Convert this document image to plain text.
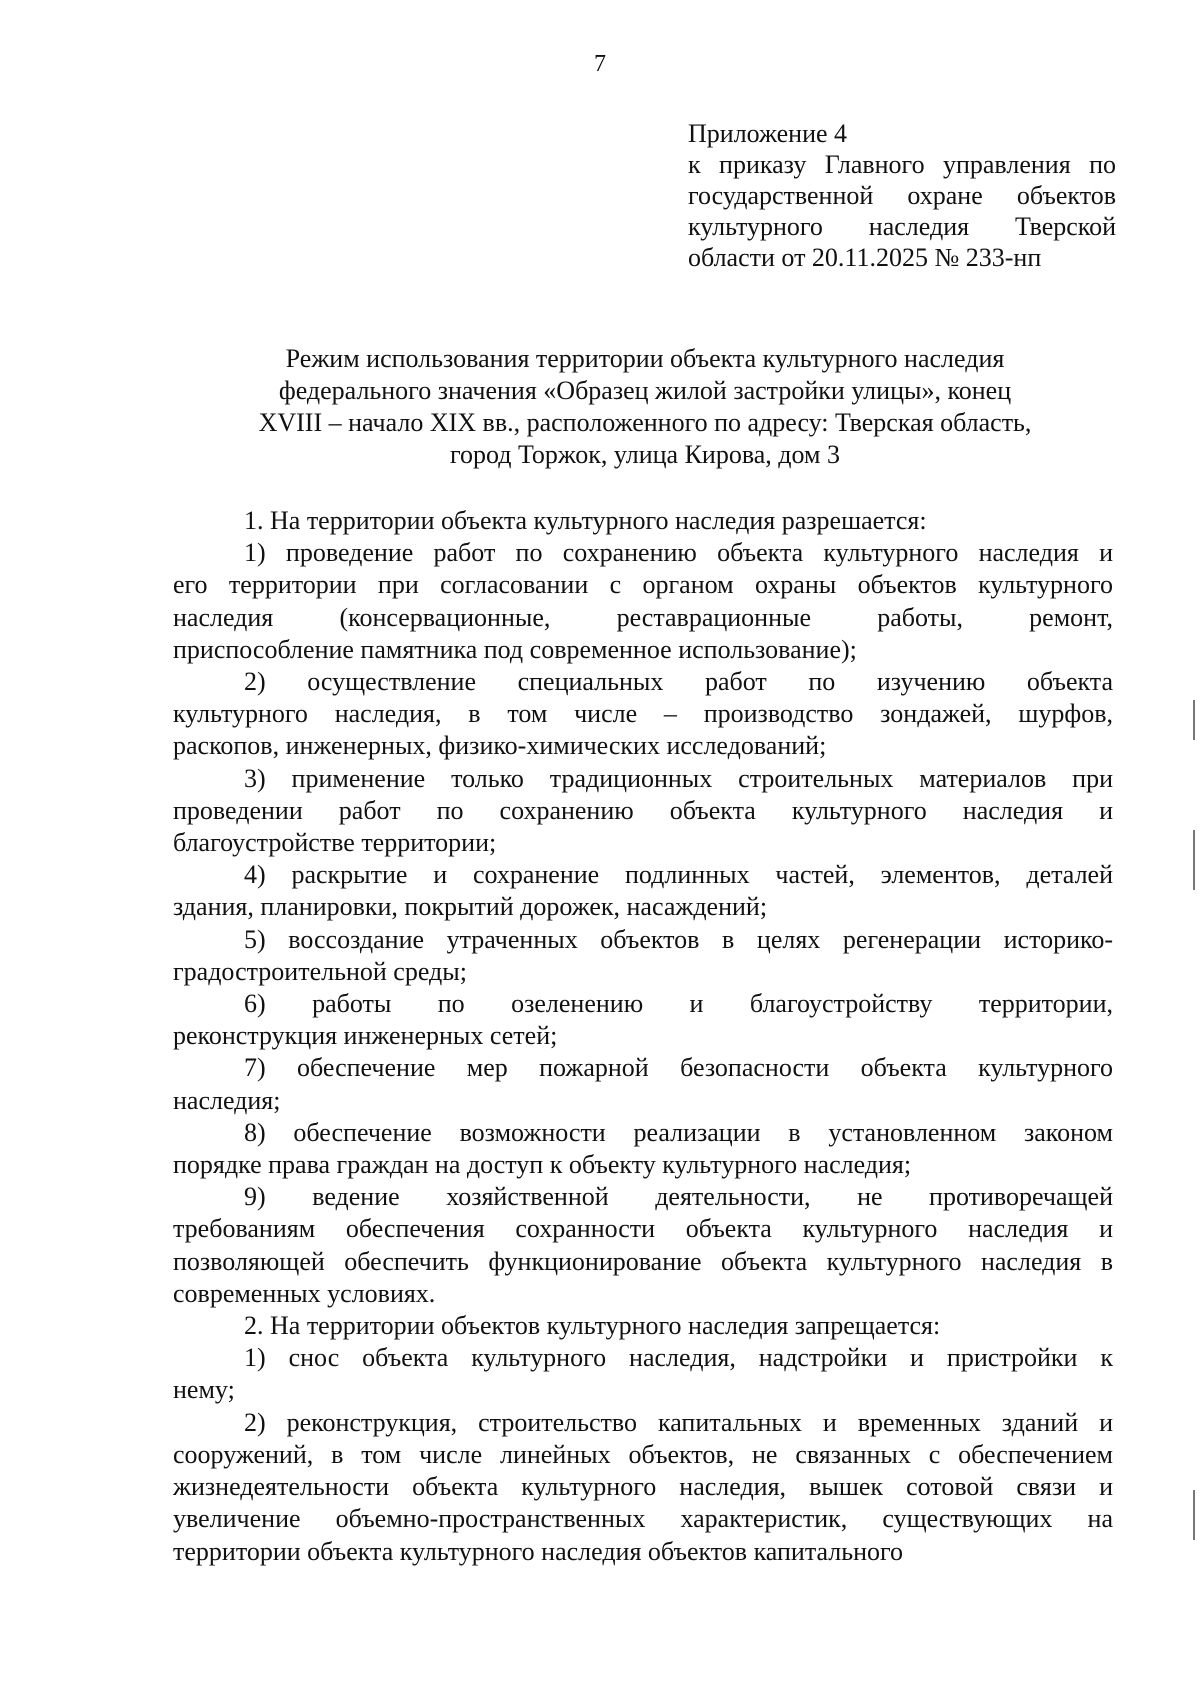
7
Приложение 4
к приказу Главного управления по
государственной охране объектов
культурного наследия Тверской
области от 20.11.2025 № 233-нп
Режим использования территории объекта культурного наследия
федерального значения «Образец жилой застройки улицы», конец
XVIII – начало XIX вв., расположенного по адресу: Тверская область,
город Торжок, улица Кирова, дом 3
1. На территории объекта культурного наследия разрешается:
1) проведение работ по сохранению объекта культурного наследия и
его территории при согласовании с органом охраны объектов культурного
наследия (консервационные, реставрационные работы, ремонт,
приспособление памятника под современное использование);
2) осуществление специальных работ по изучению объекта
культурного наследия, в том числе – производство зондажей, шурфов,
раскопов, инженерных, физико-химических исследований;
3) применение только традиционных строительных материалов при
проведении работ по сохранению объекта культурного наследия и
благоустройстве территории;
4) раскрытие и сохранение подлинных частей, элементов, деталей
здания, планировки, покрытий дорожек, насаждений;
5) воссоздание утраченных объектов в целях регенерации историко-
градостроительной среды;
6) работы по озеленению и благоустройству территории,
реконструкция инженерных сетей;
7) обеспечение мер пожарной безопасности объекта культурного
наследия;
8) обеспечение возможности реализации в установленном законом
порядке права граждан на доступ к объекту культурного наследия;
9) ведение хозяйственной деятельности, не противоречащей
требованиям обеспечения сохранности объекта культурного наследия и
позволяющей обеспечить функционирование объекта культурного наследия в
современных условиях.
2. На территории объектов культурного наследия запрещается:
1) снос объекта культурного наследия, надстройки и пристройки к
нему;
2) реконструкция, строительство капитальных и временных зданий и
сооружений, в том числе линейных объектов, не связанных с обеспечением
жизнедеятельности объекта культурного наследия, вышек сотовой связи и
увеличение объемно-пространственных характеристик, существующих на
территории объекта культурного наследия объектов капитального
